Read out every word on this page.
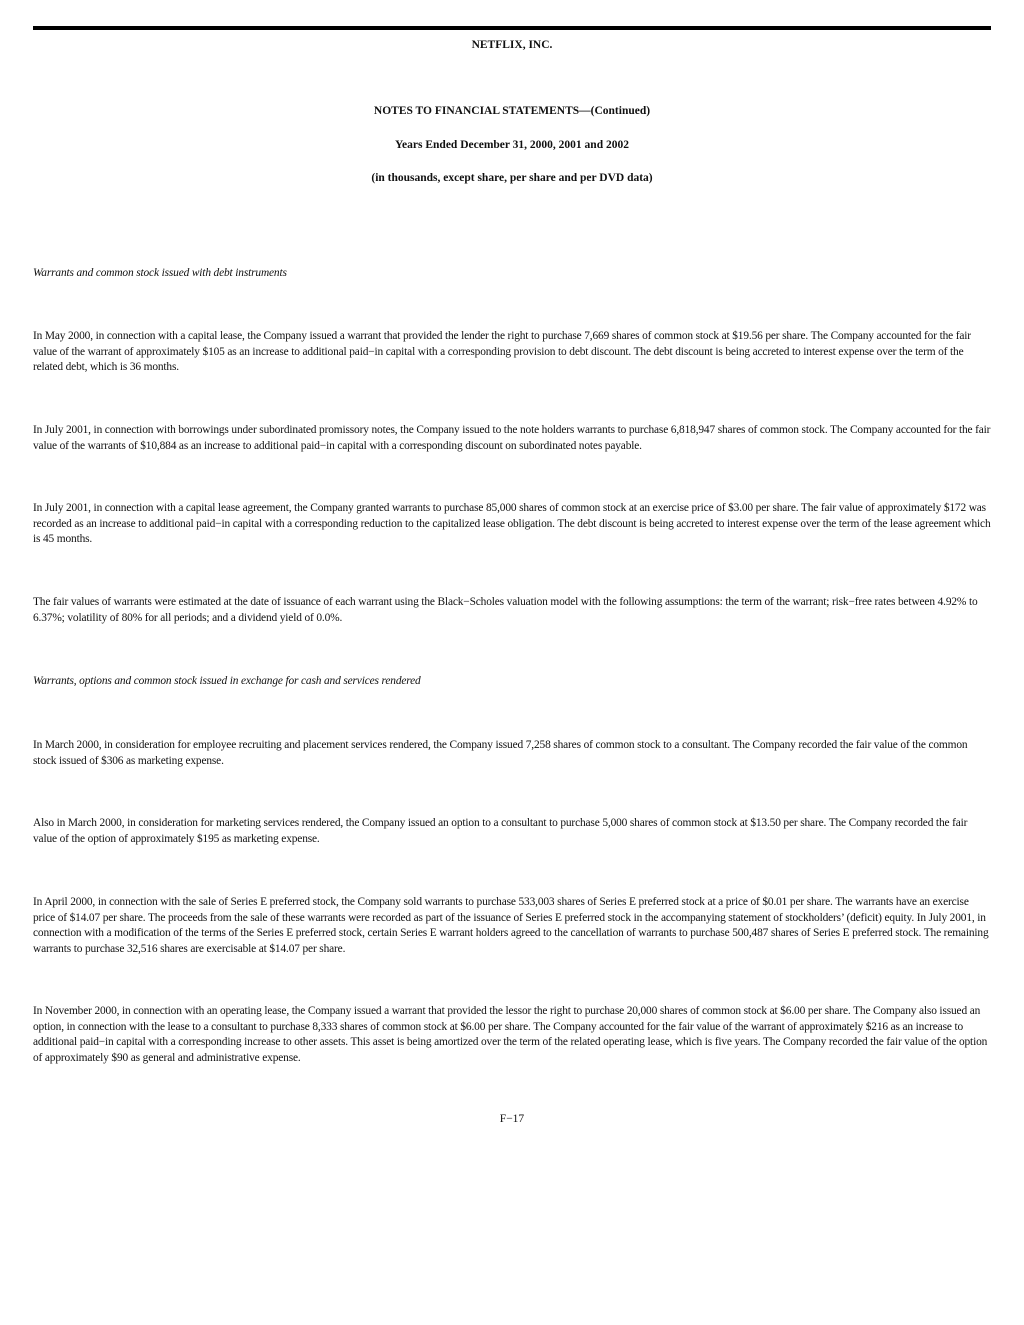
NETFLIX, INC.
NOTES TO FINANCIAL STATEMENTS—(Continued)
Years Ended December 31, 2000, 2001 and 2002
(in thousands, except share, per share and per DVD data)
Warrants and common stock issued with debt instruments
In May 2000, in connection with a capital lease, the Company issued a warrant that provided the lender the right to purchase 7,669 shares of common stock at $19.56 per share. The Company accounted for the fair value of the warrant of approximately $105 as an increase to additional paid−in capital with a corresponding provision to debt discount. The debt discount is being accreted to interest expense over the term of the related debt, which is 36 months.
In July 2001, in connection with borrowings under subordinated promissory notes, the Company issued to the note holders warrants to purchase 6,818,947 shares of common stock. The Company accounted for the fair value of the warrants of $10,884 as an increase to additional paid−in capital with a corresponding discount on subordinated notes payable.
In July 2001, in connection with a capital lease agreement, the Company granted warrants to purchase 85,000 shares of common stock at an exercise price of $3.00 per share. The fair value of approximately $172 was recorded as an increase to additional paid−in capital with a corresponding reduction to the capitalized lease obligation. The debt discount is being accreted to interest expense over the term of the lease agreement which is 45 months.
The fair values of warrants were estimated at the date of issuance of each warrant using the Black−Scholes valuation model with the following assumptions: the term of the warrant; risk−free rates between 4.92% to 6.37%; volatility of 80% for all periods; and a dividend yield of 0.0%.
Warrants, options and common stock issued in exchange for cash and services rendered
In March 2000, in consideration for employee recruiting and placement services rendered, the Company issued 7,258 shares of common stock to a consultant. The Company recorded the fair value of the common stock issued of $306 as marketing expense.
Also in March 2000, in consideration for marketing services rendered, the Company issued an option to a consultant to purchase 5,000 shares of common stock at $13.50 per share. The Company recorded the fair value of the option of approximately $195 as marketing expense.
In April 2000, in connection with the sale of Series E preferred stock, the Company sold warrants to purchase 533,003 shares of Series E preferred stock at a price of $0.01 per share. The warrants have an exercise price of $14.07 per share. The proceeds from the sale of these warrants were recorded as part of the issuance of Series E preferred stock in the accompanying statement of stockholders’ (deficit) equity. In July 2001, in connection with a modification of the terms of the Series E preferred stock, certain Series E warrant holders agreed to the cancellation of warrants to purchase 500,487 shares of Series E preferred stock. The remaining warrants to purchase 32,516 shares are exercisable at $14.07 per share.
In November 2000, in connection with an operating lease, the Company issued a warrant that provided the lessor the right to purchase 20,000 shares of common stock at $6.00 per share. The Company also issued an option, in connection with the lease to a consultant to purchase 8,333 shares of common stock at $6.00 per share. The Company accounted for the fair value of the warrant of approximately $216 as an increase to additional paid−in capital with a corresponding increase to other assets. This asset is being amortized over the term of the related operating lease, which is five years. The Company recorded the fair value of the option of approximately $90 as general and administrative expense.
F−17
